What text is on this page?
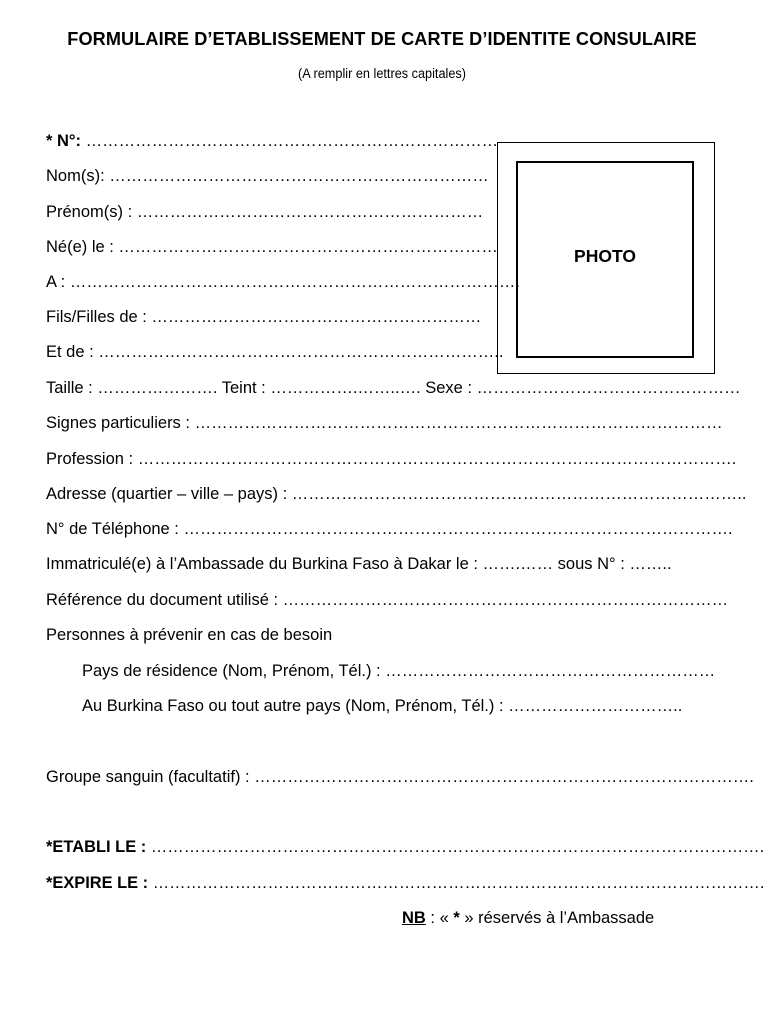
FORMULAIRE D’ETABLISSEMENT DE CARTE D’IDENTITE CONSULAIRE
(A remplir en lettres capitales)
PHOTO
* N°: …………………………………………………………………
Nom(s): ……………………………………………………………
Prénom(s) : ………………………………………………………
Né(e) le : ……………………………………………………………
A : ……………………………………………………………………….
Fils/Filles de : ……………………………………………………
Et de : ………………………………………………………………..
Taille : …………………. Teint : …………….……..…. Sexe : …………………………………………
Signes particuliers : ……………………………………………………………………………………
Profession : ……………………………………………………………………………………………….
Adresse (quartier – ville – pays) : ………………………………………………………………………..
N° de Téléphone : ……………………………………………………………………………………….
Immatriculé(e) à l’Ambassade du Burkina Faso à Dakar le : …….…… sous N° : ……..
Référence du document utilisé : ………………………………………………………………………
Personnes à prévenir en cas de besoin
Pays de résidence (Nom, Prénom, Tél.) : ……………………………………………………
Au Burkina Faso ou tout autre pays (Nom, Prénom, Tél.) : …………………………..
Groupe sanguin (facultatif) : ……………………………………………………………………………….
*ETABLI LE : ………………………………………………………………………………………………….
*EXPIRE LE : ………………………………………………………………………………………………….
NB : « * » réservés à l’Ambassade
